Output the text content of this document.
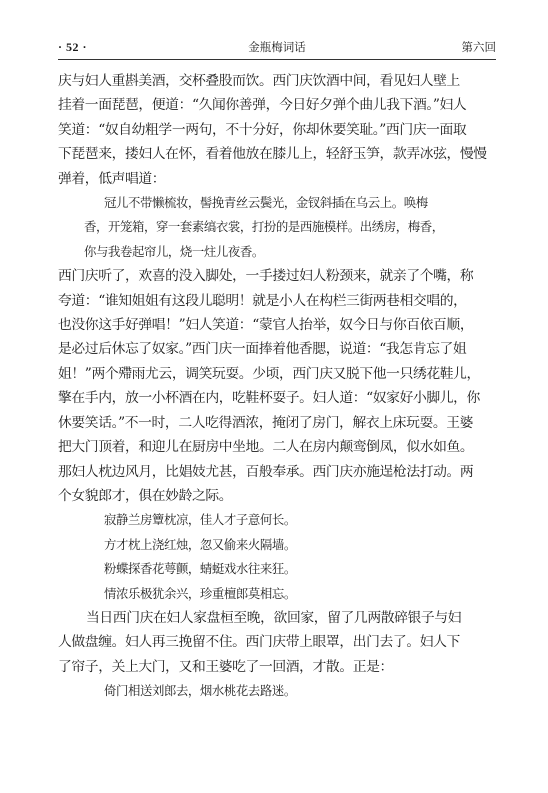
· 52 ·	金瓶梅词话	第六回
庆与妇人重斟美酒，交杯叠股而饮。西门庆饮酒中间，看见妇人壁上
挂着一面琵琶，便道：“久闻你善弹，今日好夕弹个曲儿我下酒。”妇人
笑道：“奴自幼粗学一两句，不十分好，你却休要笑耻。”西门庆一面取
下琵琶来，搂妇人在怀，看着他放在膝儿上，轻舒玉笋，款弄冰弦，慢慢
弹着，低声唱道：
冠儿不带懒梳妆，髻挽青丝云鬓光，金钗斜插在乌云上。唤梅
香，开笼箱，穿一套素缟衣裳，打扮的是西施模样。出绣房，梅香，
你与我卷起帘儿，烧一炷儿夜香。
西门庆听了，欢喜的没入脚处，一手搂过妇人粉颈来，就亲了个嘴，称
夸道：“谁知姐姐有这段儿聪明！就是小人在构栏三街两巷相交唱的，
也没你这手好弹唱！”妇人笑道：“蒙官人抬举，奴今日与你百依百顺，
是必过后休忘了奴家。”西门庆一面捧着他香腮，说道：“我怎肯忘了姐
姐！”两个殢雨尤云，调笑玩耍。少顷，西门庆又脱下他一只绣花鞋儿，
擎在手内，放一小杯酒在内，吃鞋杯耍子。妇人道：“奴家好小脚儿，你
休要笑话。”不一时，二人吃得酒浓，掩闭了房门，解衣上床玩耍。王婆
把大门顶着，和迎儿在厨房中坐地。二人在房内颠鸾倒凤，似水如鱼。
那妇人枕边风月，比娼妓尤甚，百般奉承。西门庆亦施逞枪法打动。两
个女貌郎才，俱在妙龄之际。
寂静兰房簟枕凉，佳人才子意何长。
方才枕上浇红烛，忽又偷来火隔墙。
粉蝶探香花萼颤，蜻蜓戏水往来狂。
情浓乐极犹余兴，珍重檀郎莫相忘。
当日西门庆在妇人家盘桓至晚，欲回家，留了几两散碎银子与妇
人做盘缠。妇人再三挽留不住。西门庆带上眼罩，出门去了。妇人下
了帘子，关上大门，又和王婆吃了一回酒，才散。正是：
倚门相送刘郎去，烟水桃花去路迷。
